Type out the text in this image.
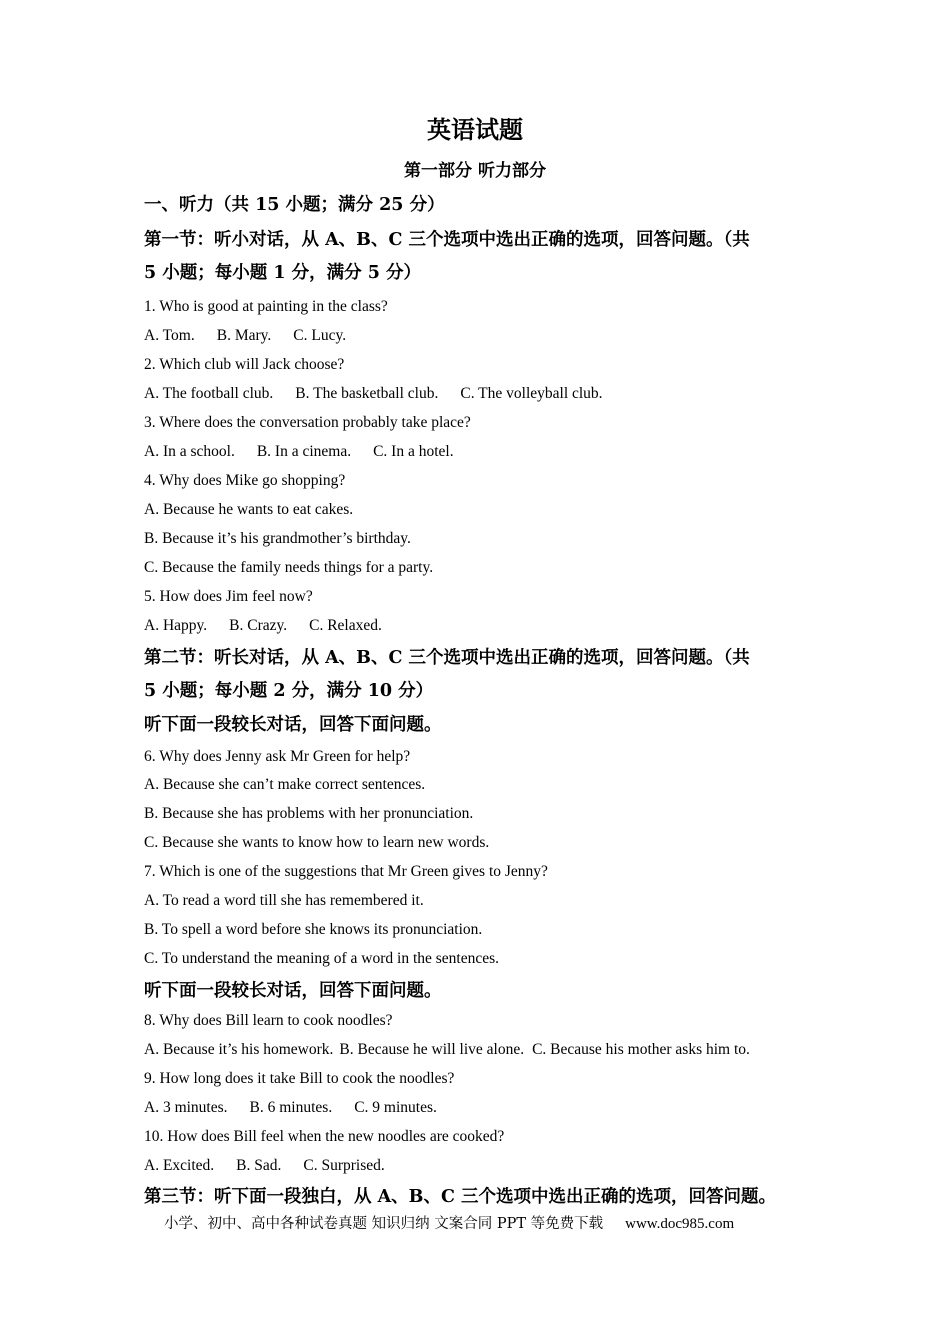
英语试题
第一部分 听力部分
一、听力（共 15 小题；满分 25 分）
第一节：听小对话，从 A、B、C 三个选项中选出正确的选项，回答问题。（共
5 小题；每小题 1 分，满分 5 分）
1. Who is good at painting in the class?
A. Tom. B. Mary. C. Lucy.
2. Which club will Jack choose?
A. The football club. B. The basketball club. C. The volleyball club.
3. Where does the conversation probably take place?
A. In a school. B. In a cinema. C. In a hotel.
4. Why does Mike go shopping?
A. Because he wants to eat cakes.
B. Because it’s his grandmother’s birthday.
C. Because the family needs things for a party.
5. How does Jim feel now?
A. Happy. B. Crazy. C. Relaxed.
第二节：听长对话，从 A、B、C 三个选项中选出正确的选项，回答问题。（共
5 小题；每小题 2 分，满分 10 分）
听下面一段较长对话，回答下面问题。
6. Why does Jenny ask Mr Green for help?
A. Because she can’t make correct sentences.
B. Because she has problems with her pronunciation.
C. Because she wants to know how to learn new words.
7. Which is one of the suggestions that Mr Green gives to Jenny?
A. To read a word till she has remembered it.
B. To spell a word before she knows its pronunciation.
C. To understand the meaning of a word in the sentences.
听下面一段较长对话，回答下面问题。
8. Why does Bill learn to cook noodles?
A. Because it’s his homework. B. Because he will live alone. C. Because his mother asks him to.
9. How long does it take Bill to cook the noodles?
A. 3 minutes. B. 6 minutes. C. 9 minutes.
10. How does Bill feel when the new noodles are cooked?
A. Excited. B. Sad. C. Surprised.
第三节：听下面一段独白，从 A、B、C 三个选项中选出正确的选项，回答问题。
小学、初中、高中各种试卷真题 知识归纳 文案合同 PPT 等免费下载 www.doc985.com
